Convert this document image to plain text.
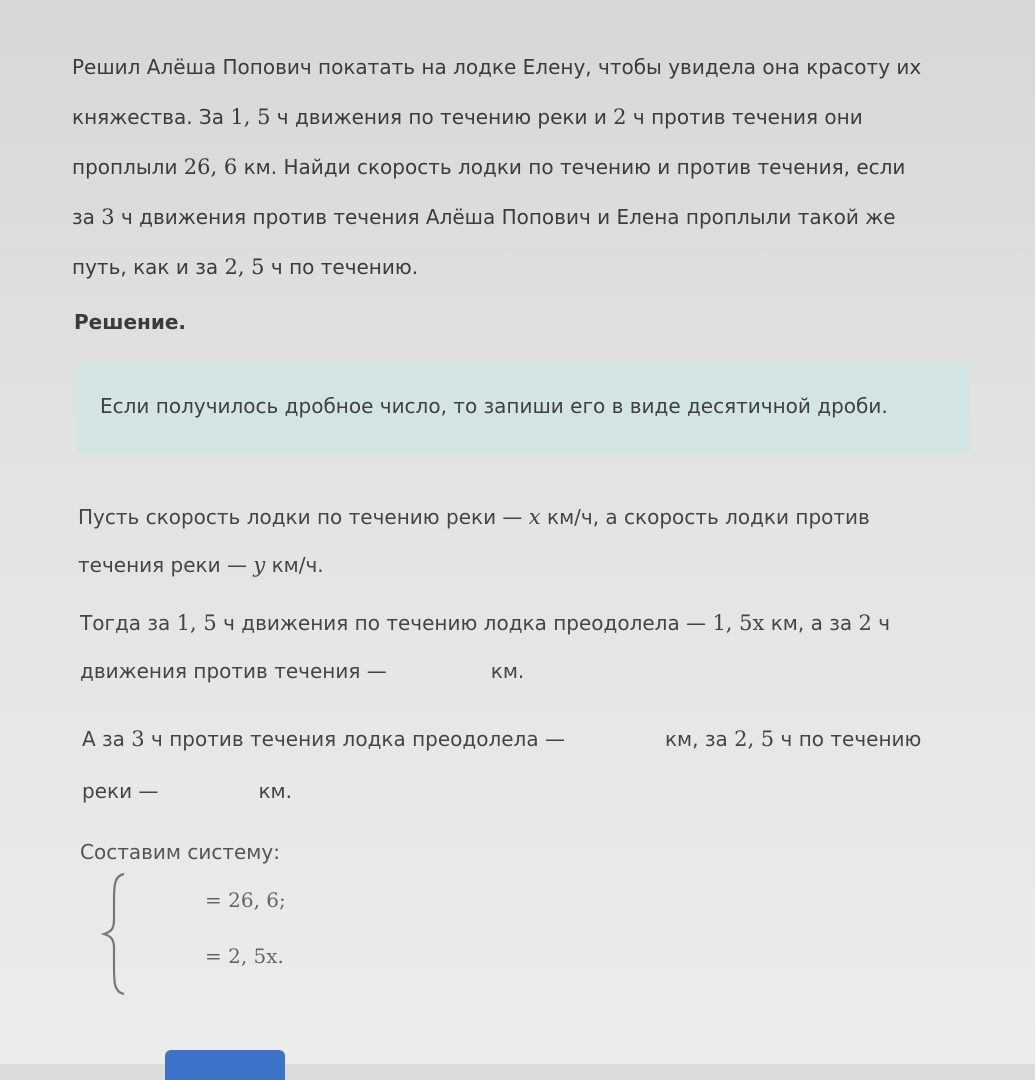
Решил Алёша Попович покатать на лодке Елену, чтобы увидела она красоту их

княжества. За 1, 5 ч движения по течению реки и 2 ч против течения они

проплыли 26, 6 км. Найди скорость лодки по течению и против течения, если

за 3 ч движения против течения Алёша Попович и Елена проплыли такой же

путь, как и за 2, 5 ч по течению.

Решение.
Если получилось дробное число, то запиши его в виде десятичной дроби.
Пусть скорость лодки по течению реки — x км/ч, а скорость лодки против
течения реки — y км/ч.
Тогда за 1, 5 ч движения по течению лодка преодолела — 1, 5x км, а за 2 ч
движения против течения —	км.
А за 3 ч против течения лодка преодолела —	км, за 2, 5 ч по течению
реки —	км.
Составим систему:
= 26, 6;
= 2, 5x.
